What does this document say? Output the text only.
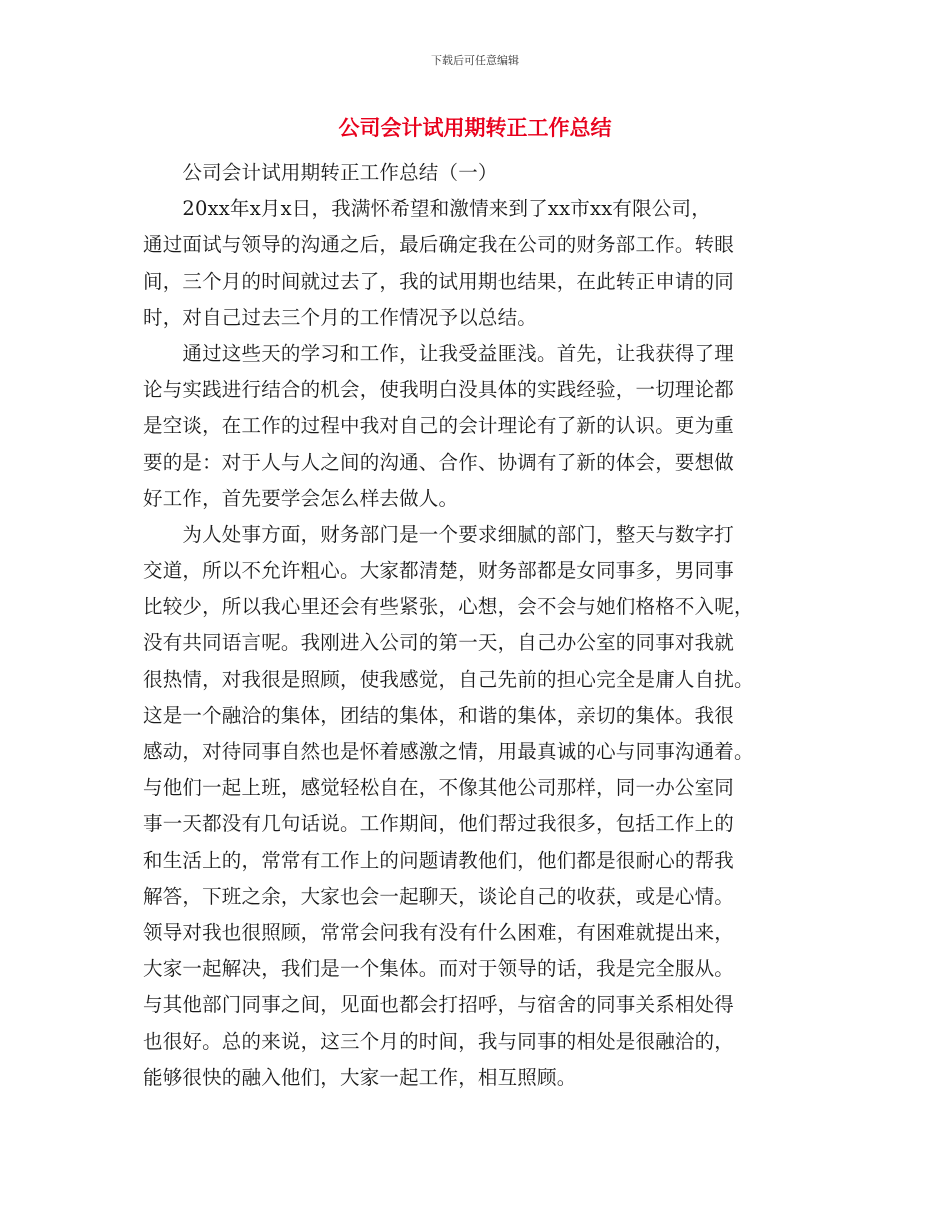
下载后可任意编辑
公司会计试用期转正工作总结
　　公司会计试用期转正工作总结（一）
　　20xx年x月x日，我满怀希望和激情来到了xx市xx有限公司，
通过面试与领导的沟通之后，最后确定我在公司的财务部工作。转眼
间，三个月的时间就过去了，我的试用期也结果，在此转正申请的同
时，对自己过去三个月的工作情况予以总结。
　　通过这些天的学习和工作，让我受益匪浅。首先，让我获得了理
论与实践进行结合的机会，使我明白没具体的实践经验，一切理论都
是空谈，在工作的过程中我对自己的会计理论有了新的认识。更为重
要的是：对于人与人之间的沟通、合作、协调有了新的体会，要想做
好工作，首先要学会怎么样去做人。
　　为人处事方面，财务部门是一个要求细腻的部门，整天与数字打
交道，所以不允许粗心。大家都清楚，财务部都是女同事多，男同事
比较少，所以我心里还会有些紧张，心想，会不会与她们格格不入呢，
没有共同语言呢。我刚进入公司的第一天，自己办公室的同事对我就
很热情，对我很是照顾，使我感觉，自己先前的担心完全是庸人自扰。
这是一个融洽的集体，团结的集体，和谐的集体，亲切的集体。我很
感动，对待同事自然也是怀着感激之情，用最真诚的心与同事沟通着。
与他们一起上班，感觉轻松自在，不像其他公司那样，同一办公室同
事一天都没有几句话说。工作期间，他们帮过我很多，包括工作上的
和生活上的，常常有工作上的问题请教他们，他们都是很耐心的帮我
解答，下班之余，大家也会一起聊天，谈论自己的收获，或是心情。
领导对我也很照顾，常常会问我有没有什么困难，有困难就提出来，
大家一起解决，我们是一个集体。而对于领导的话，我是完全服从。
与其他部门同事之间，见面也都会打招呼，与宿舍的同事关系相处得
也很好。总的来说，这三个月的时间，我与同事的相处是很融洽的，
能够很快的融入他们，大家一起工作，相互照顾。
